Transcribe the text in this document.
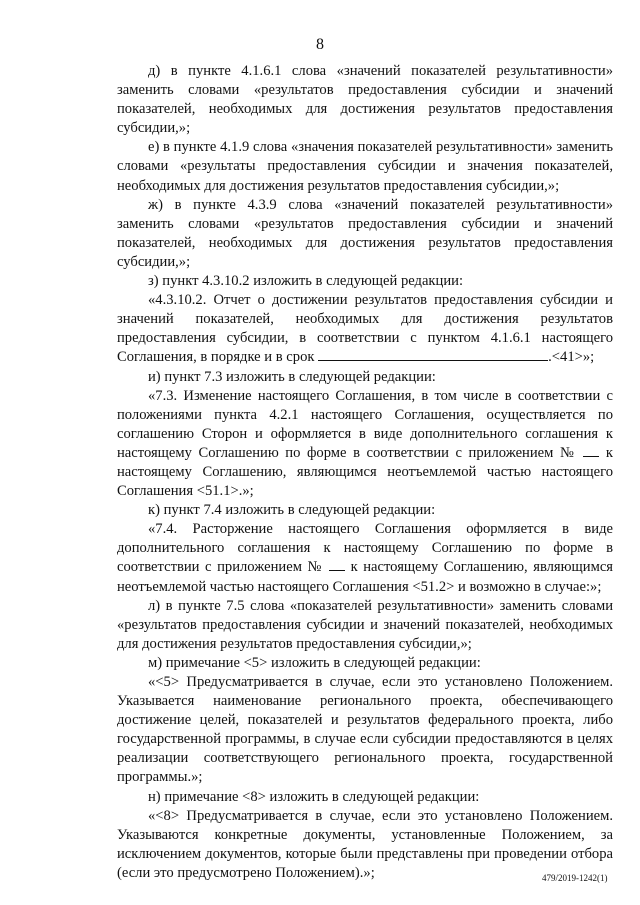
8

д) в пункте 4.1.6.1 слова «значений показателей результативности» заменить словами «результатов предоставления субсидии и значений показателей, необходимых для достижения результатов предоставления субсидии,»;

е) в пункте 4.1.9 слова «значения показателей результативности» заменить словами «результаты предоставления субсидии и значения показателей, необходимых для достижения результатов предоставления субсидии,»;

ж) в пункте 4.3.9 слова «значений показателей результативности» заменить словами «результатов предоставления субсидии и значений показателей, необходимых для достижения результатов предоставления субсидии,»;

з) пункт 4.3.10.2 изложить в следующей редакции:

«4.3.10.2. Отчет о достижении результатов предоставления субсидии и значений показателей, необходимых для достижения результатов предоставления субсидии, в соответствии с пунктом 4.1.6.1 настоящего Соглашения, в порядке и в срок	.<41>»;

и) пункт 7.3 изложить в следующей редакции:

«7.3. Изменение настоящего Соглашения, в том числе в соответствии с положениями пункта 4.2.1 настоящего Соглашения, осуществляется по соглашению Сторон и оформляется в виде дополнительного соглашения к настоящему Соглашению по форме в соответствии с приложением № к настоящему Соглашению, являющимся неотъемлемой частью настоящего Соглашения <51.1>.»;

к) пункт 7.4 изложить в следующей редакции:

«7.4. Расторжение настоящего Соглашения оформляется в виде дополнительного соглашения к настоящему Соглашению по форме в соответствии с приложением № к настоящему Соглашению, являющимся неотъемлемой частью настоящего Соглашения <51.2> и возможно в случае:»;

л) в пункте 7.5 слова «показателей результативности» заменить словами «результатов предоставления субсидии и значений показателей, необходимых для достижения результатов предоставления субсидии,»;

м) примечание <5> изложить в следующей редакции:

«<5> Предусматривается в случае, если это установлено Положением. Указывается наименование регионального проекта, обеспечивающего достижение целей, показателей и результатов федерального проекта, либо государственной программы, в случае если субсидии предоставляются в целях реализации соответствующего регионального проекта, государственной программы.»;

н) примечание <8> изложить в следующей редакции:

«<8> Предусматривается в случае, если это установлено Положением. Указываются конкретные документы, установленные Положением, за исключением документов, которые были представлены при проведении отбора (если это предусмотрено Положением).»;	479/2019-1242(1)
